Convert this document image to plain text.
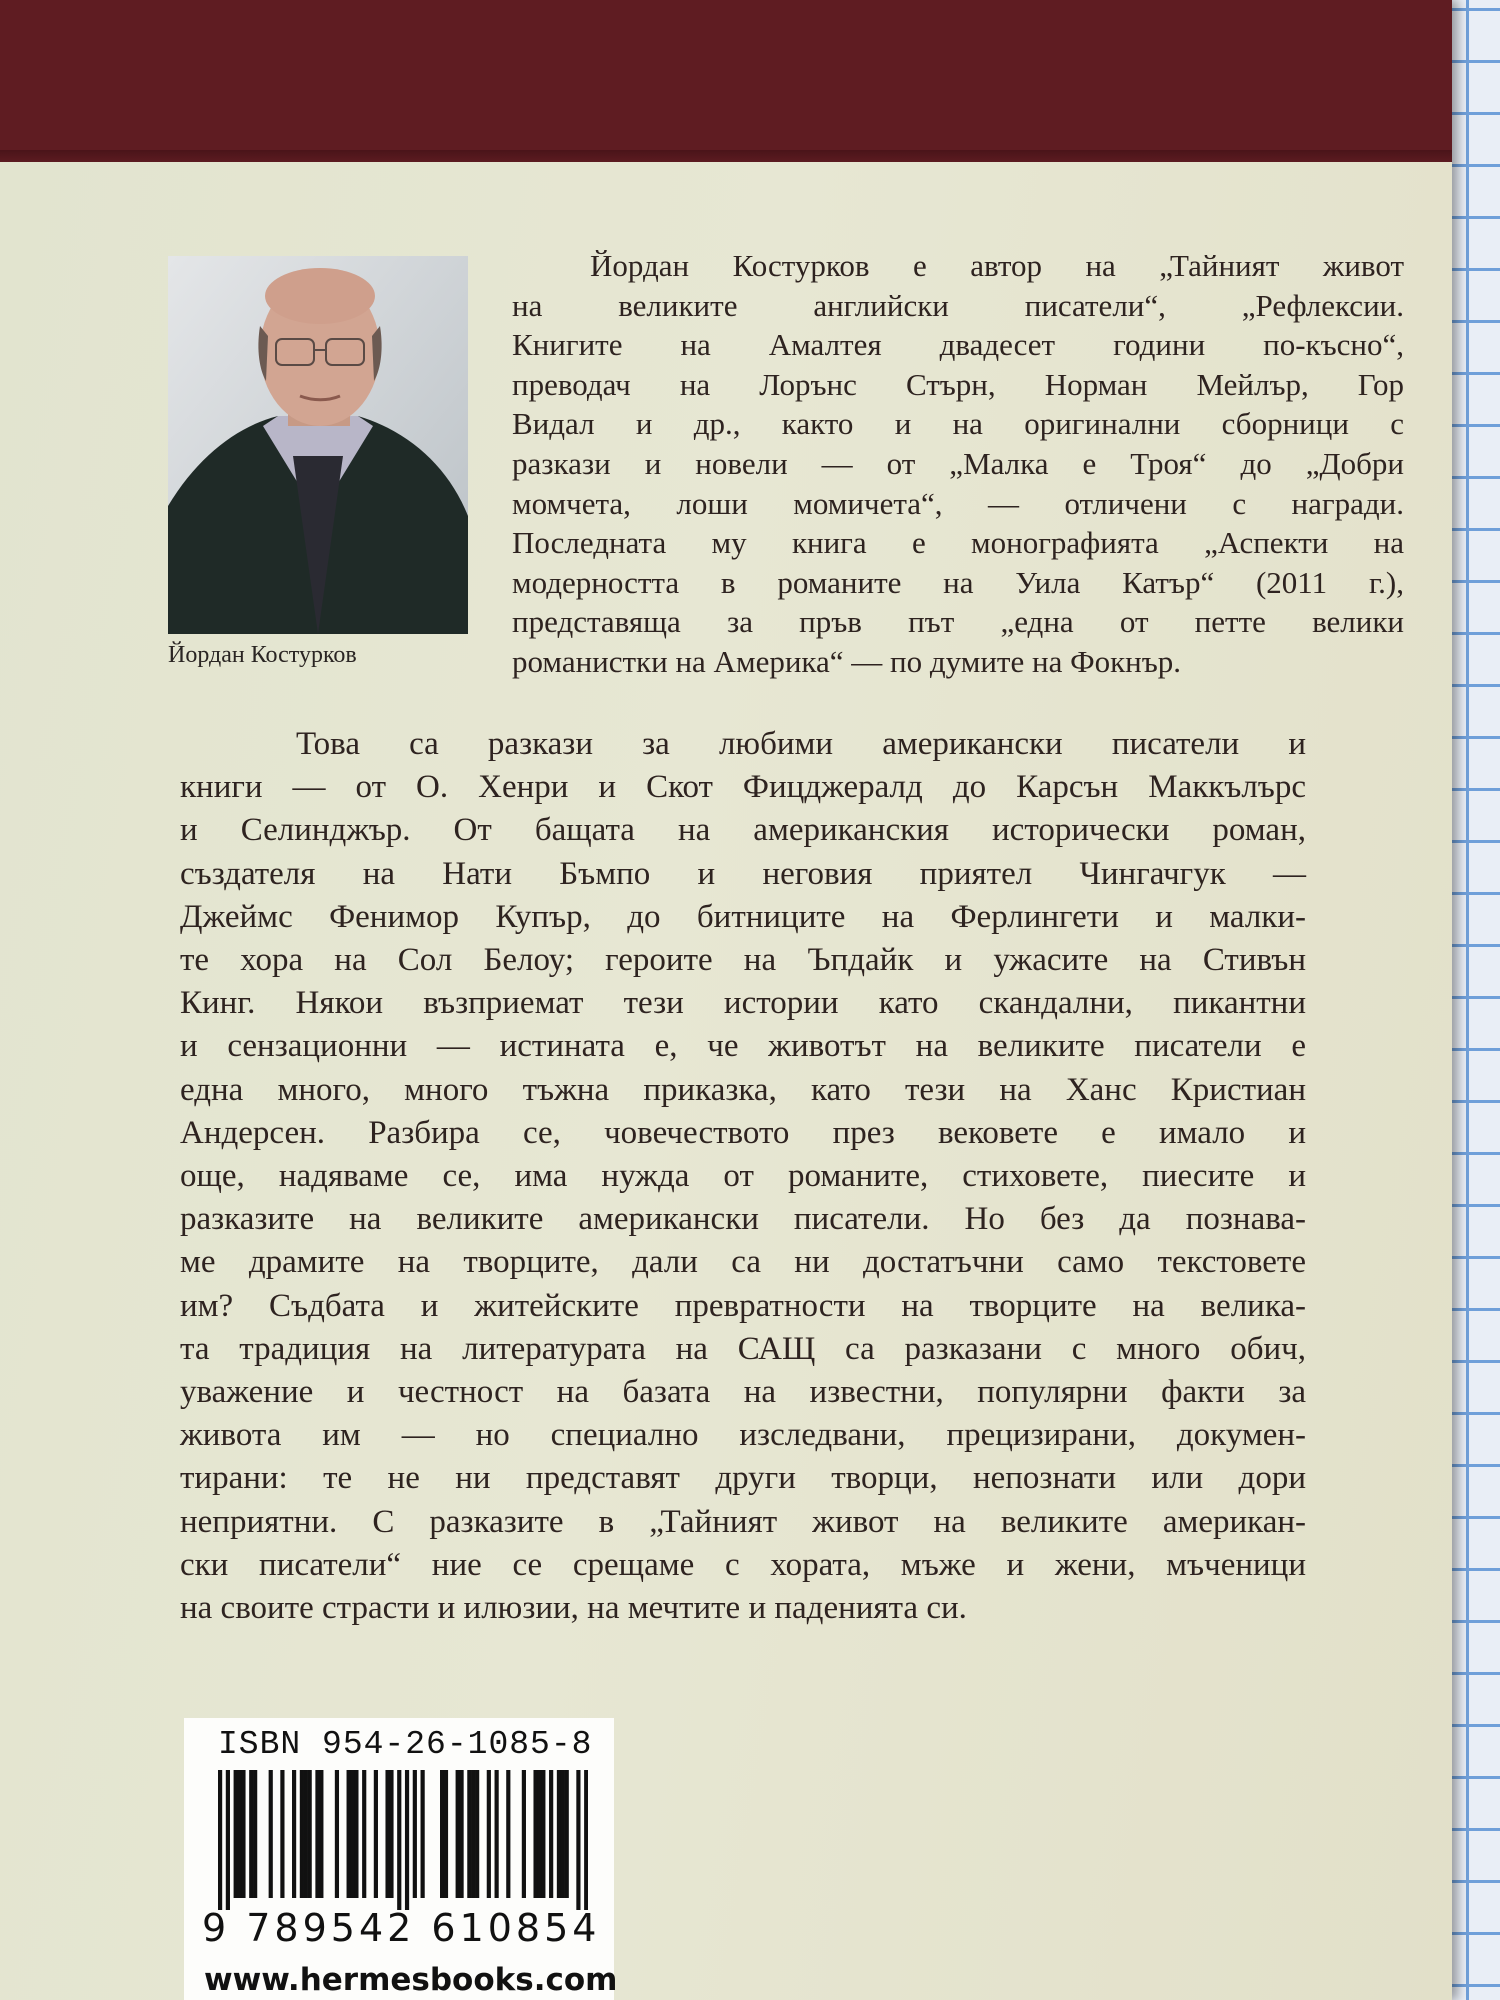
Йордан Костурков
Йордан Костурков е автор на „Тайният живот
на великите английски писатели“, „Рефлексии.
Книгите на Амалтея двадесет години по-късно“,
преводач на Лорънс Стърн, Норман Мейлър, Гор
Видал и др., както и на оригинални сборници с
разкази и новели — от „Малка е Троя“ до „Добри
момчета, лоши момичета“, — отличени с награди.
Последната му книга е монографията „Аспекти на
модерността в романите на Уила Катър“ (2011 г.),
представяща за пръв път „една от петте велики
романистки на Америка“ — по думите на Фокнър.
Това са разкази за любими американски писатели и
книги — от О. Хенри и Скот Фицджералд до Карсън Маккълърс
и Селинджър. От бащата на американския исторически роман,
създателя на Нати Бъмпо и неговия приятел Чингачгук —
Джеймс Фенимор Купър, до битниците на Ферлингети и малки-
те хора на Сол Белоу; героите на Ъпдайк и ужасите на Стивън
Кинг. Някои възприемат тези истории като скандални, пикантни
и сензационни — истината е, че животът на великите писатели е
една много, много тъжна приказка, като тези на Ханс Кристиан
Андерсен. Разбира се, човечеството през вековете е имало и
още, надяваме се, има нужда от романите, стиховете, пиесите и
разказите на великите американски писатели. Но без да познава-
ме драмите на творците, дали са ни достатъчни само текстовете
им? Съдбата и житейските превратности на творците на велика-
та традиция на литературата на САЩ са разказани с много обич,
уважение и честност на базата на известни, популярни факти за
живота им — но специално изследвани, прецизирани, докумен-
тирани: те не ни представят други творци, непознати или дори
неприятни. С разказите в „Тайният живот на великите американ-
ски писатели“ ние се срещаме с хората, мъже и жени, мъченици
на своите страсти и илюзии, на мечтите и паденията си.
ISBN 954-26-1085-8
9 789542 610854
www.hermesbooks.com
